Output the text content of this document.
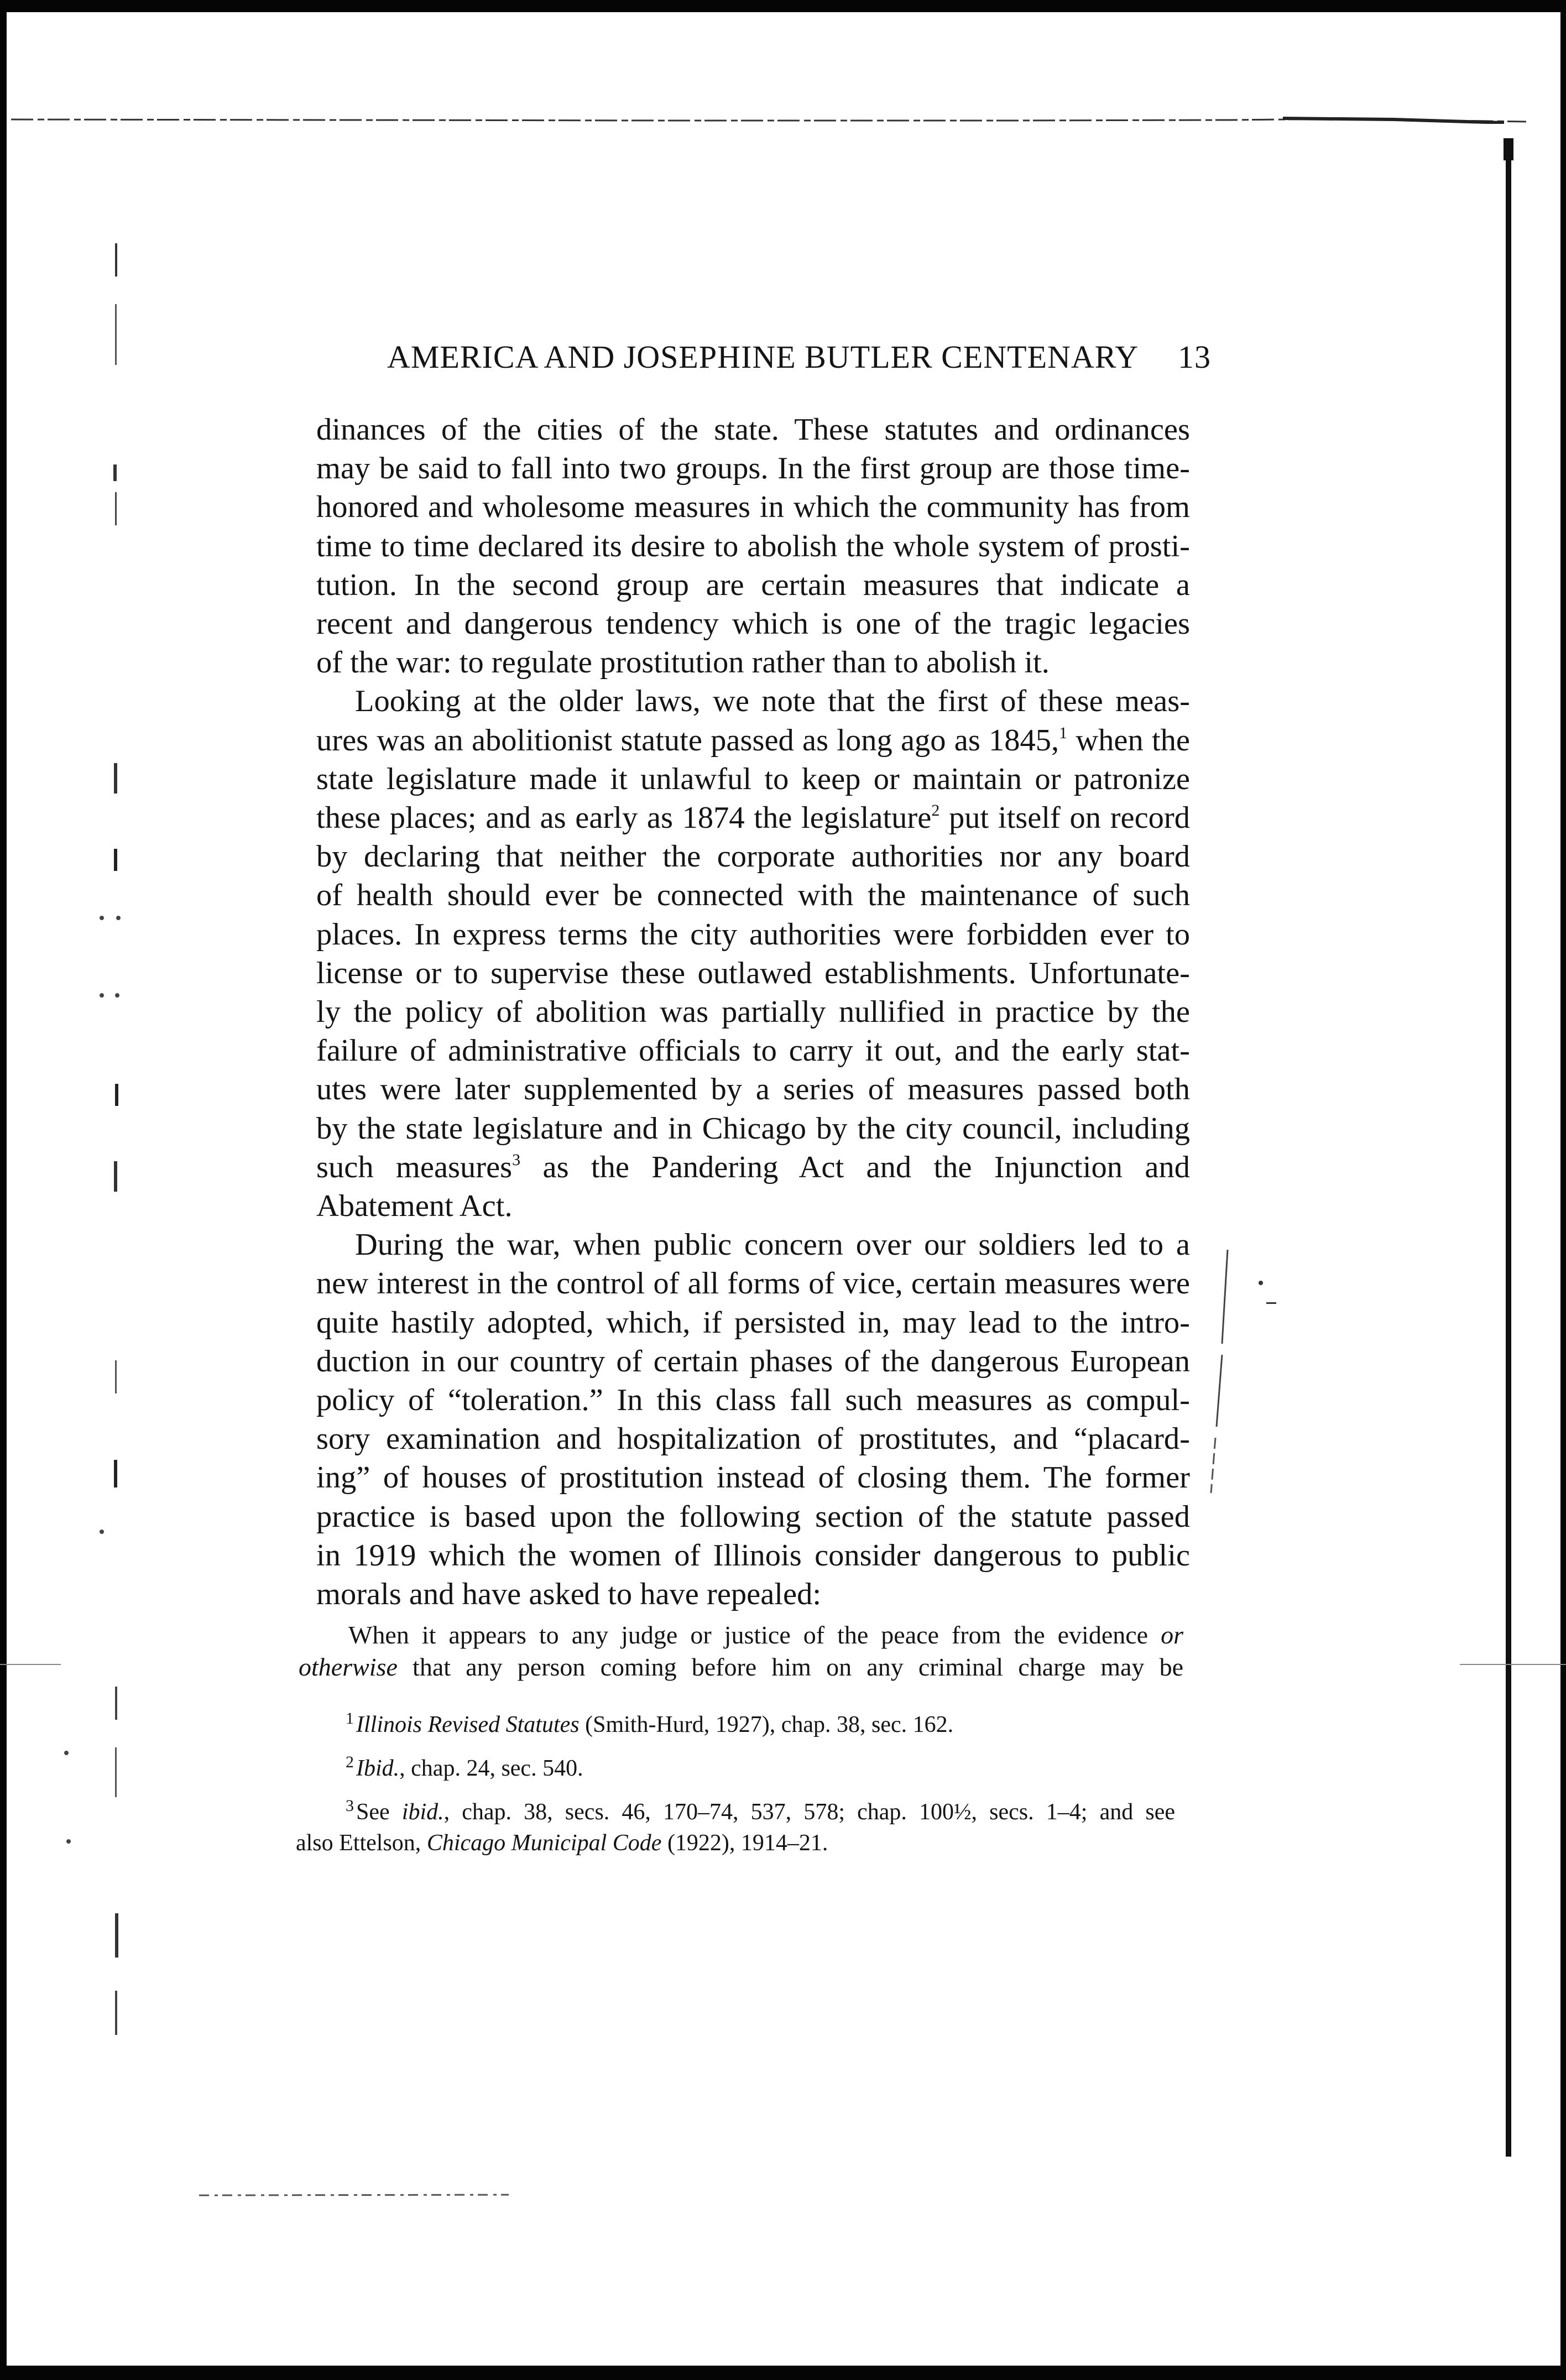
AMERICA AND JOSEPHINE BUTLER CENTENARY 13

dinances of the cities of the state. These statutes and ordinances
may be said to fall into two groups. In the first group are those time-
honored and wholesome measures in which the community has from
time to time declared its desire to abolish the whole system of prosti-
tution. In the second group are certain measures that indicate a
recent and dangerous tendency which is one of the tragic legacies
of the war: to regulate prostitution rather than to abolish it.

Looking at the older laws, we note that the first of these meas-
ures was an abolitionist statute passed as long ago as 1845,$^1$ when the
state legislature made it unlawful to keep or maintain or patronize
these places; and as early as 1874 the legislature$^2$ put itself on record
by declaring that neither the corporate authorities nor any board
of health should ever be connected with the maintenance of such
places. In express terms the city authorities were forbidden ever to
license or to supervise these outlawed establishments. Unfortunate-
ly the policy of abolition was partially nullified in practice by the
failure of administrative officials to carry it out, and the early stat-
utes were later supplemented by a series of measures passed both
by the state legislature and in Chicago by the city council, including
such measures$^3$ as the Pandering Act and the Injunction and
Abatement Act.

During the war, when public concern over our soldiers led to a
new interest in the control of all forms of vice, certain measures were
quite hastily adopted, which, if persisted in, may lead to the intro-
duction in our country of certain phases of the dangerous European
policy of “toleration.” In this class fall such measures as compul-
sory examination and hospitalization of prostitutes, and “placard-
ing” of houses of prostitution instead of closing them. The former
practice is based upon the following section of the statute passed
in 1919 which the women of Illinois consider dangerous to public
morals and have asked to have repealed:

When it appears to any judge or justice of the peace from the evidence or
otherwise that any person coming before him on any criminal charge may be
$^1$Illinois Revised Statutes (Smith-Hurd, 1927), chap. 38, sec. 162.
$^2$Ibid., chap. 24, sec. 540.
$^3$See ibid., chap. 38, secs. 46, 170–74, 537, 578; chap. 100½, secs. 1–4; and see
also Ettelson, Chicago Municipal Code (1922), 1914–21.
